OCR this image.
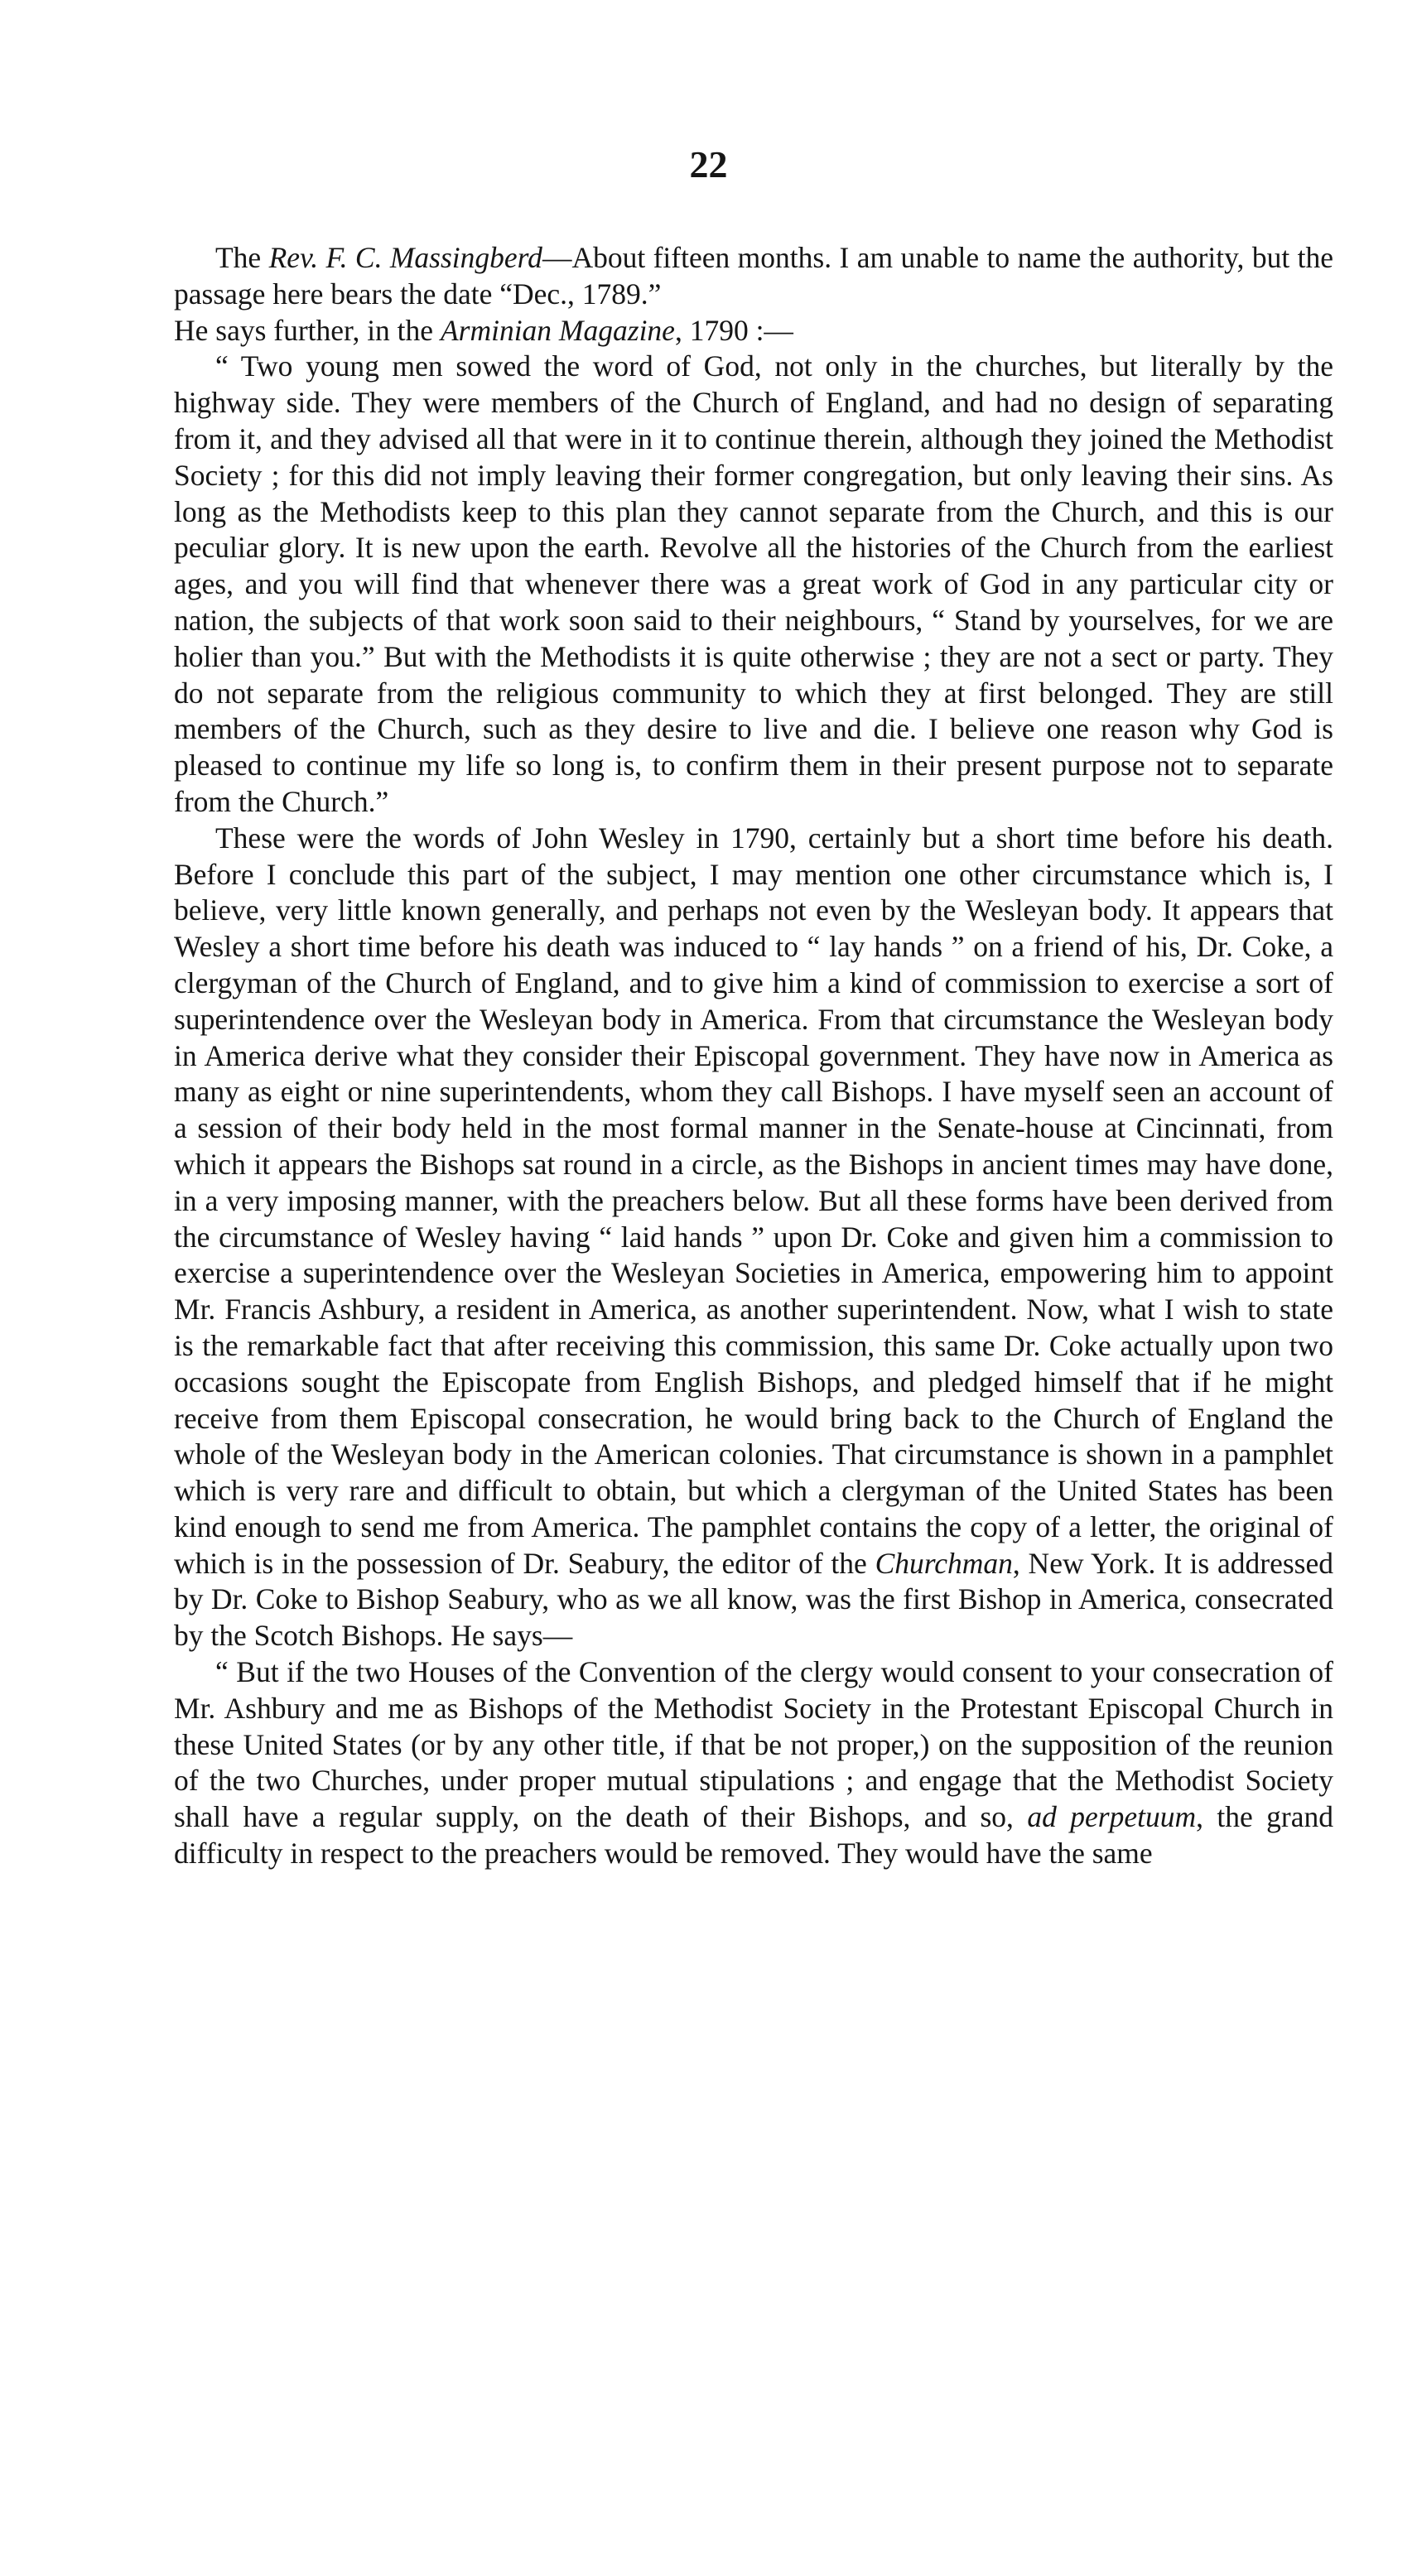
22

The Rev. F. C. Massingberd—About fifteen months. I am unable to name the authority, but the passage here bears the date “Dec., 1789.”

He says further, in the Arminian Magazine, 1790 :—

“ Two young men sowed the word of God, not only in the churches, but literally by the highway side. They were members of the Church of England, and had no design of separating from it, and they advised all that were in it to continue therein, although they joined the Methodist Society ; for this did not imply leaving their former congregation, but only leaving their sins. As long as the Methodists keep to this plan they cannot separate from the Church, and this is our peculiar glory. It is new upon the earth. Revolve all the histories of the Church from the earliest ages, and you will find that whenever there was a great work of God in any particular city or nation, the subjects of that work soon said to their neighbours, “ Stand by yourselves, for we are holier than you.” But with the Methodists it is quite otherwise ; they are not a sect or party. They do not separate from the religious community to which they at first belonged. They are still members of the Church, such as they desire to live and die. I believe one reason why God is pleased to continue my life so long is, to confirm them in their present purpose not to separate from the Church.”

These were the words of John Wesley in 1790, certainly but a short time before his death. Before I conclude this part of the subject, I may mention one other circumstance which is, I believe, very little known generally, and perhaps not even by the Wesleyan body. It appears that Wesley a short time before his death was induced to “ lay hands ” on a friend of his, Dr. Coke, a clergyman of the Church of England, and to give him a kind of commission to exercise a sort of superintendence over the Wesleyan body in America. From that circumstance the Wesleyan body in America derive what they consider their Episcopal government. They have now in America as many as eight or nine superintendents, whom they call Bishops. I have myself seen an account of a session of their body held in the most formal manner in the Senate-house at Cincinnati, from which it appears the Bishops sat round in a circle, as the Bishops in ancient times may have done, in a very imposing manner, with the preachers below. But all these forms have been derived from the circumstance of Wesley having “ laid hands ” upon Dr. Coke and given him a commission to exercise a superintendence over the Wesleyan Societies in America, empowering him to appoint Mr. Francis Ashbury, a resident in America, as another superintendent. Now, what I wish to state is the remarkable fact that after receiving this commission, this same Dr. Coke actually upon two occasions sought the Episcopate from English Bishops, and pledged himself that if he might receive from them Episcopal consecration, he would bring back to the Church of England the whole of the Wesleyan body in the American colonies. That circumstance is shown in a pamphlet which is very rare and difficult to obtain, but which a clergyman of the United States has been kind enough to send me from America. The pamphlet contains the copy of a letter, the original of which is in the possession of Dr. Seabury, the editor of the Churchman, New York. It is addressed by Dr. Coke to Bishop Seabury, who as we all know, was the first Bishop in America, consecrated by the Scotch Bishops. He says—

“ But if the two Houses of the Convention of the clergy would consent to your consecration of Mr. Ashbury and me as Bishops of the Methodist Society in the Protestant Episcopal Church in these United States (or by any other title, if that be not proper,) on the supposition of the reunion of the two Churches, under proper mutual stipulations ; and engage that the Methodist Society shall have a regular supply, on the death of their Bishops, and so, ad perpetuum, the grand difficulty in respect to the preachers would be removed. They would have the same
